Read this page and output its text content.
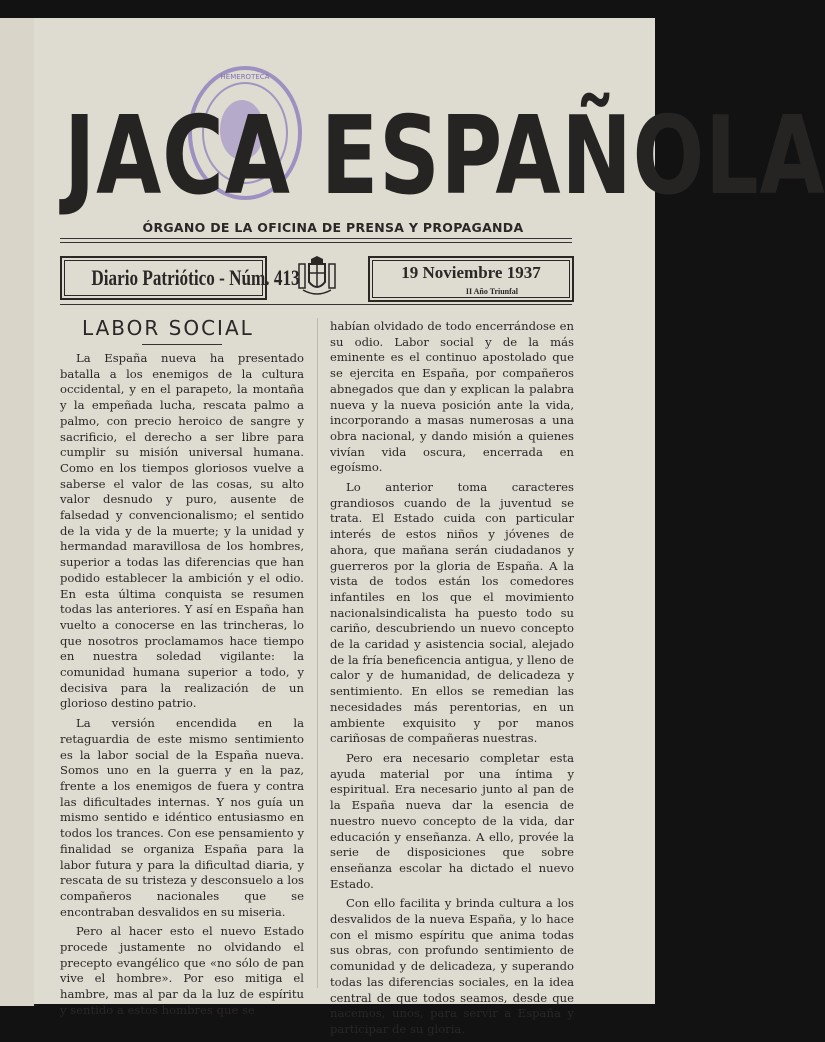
HEMEROTECA
JACA ESPAÑOLA
ÓRGANO DE LA OFICINA DE PRENSA Y PROPAGANDA
Diario Patriótico - Núm. 413	19 Noviembre 1937
II Año Triunfal
LABOR SOCIAL

La España nueva ha presentado batalla a los enemigos de la cultura occidental, y en el parapeto, la montaña y la empeñada lucha, rescata palmo a palmo, con precio heroico de sangre y sacrificio, el derecho a ser libre para cumplir su misión universal humana. Como en los tiempos gloriosos vuelve a saberse el valor de las cosas, su alto valor desnudo y puro, ausente de falsedad y convencionalismo; el sentido de la vida y de la muerte; y la unidad y hermandad maravillosa de los hombres, superior a todas las diferencias que han podido establecer la ambición y el odio. En esta última conquista se resumen todas las anteriores. Y así en España han vuelto a conocerse en las trincheras, lo que nosotros proclamamos hace tiempo en nuestra soledad vigilante: la comunidad humana superior a todo, y decisiva para la realización de un glorioso destino patrio.

La versión encendida en la retaguardia de este mismo sentimiento es la labor social de la España nueva. Somos uno en la guerra y en la paz, frente a los enemigos de fuera y contra las dificultades internas. Y nos guía un mismo sentido e idéntico entusiasmo en todos los trances. Con ese pensamiento y finalidad se organiza España para la labor futura y para la dificultad diaria, y rescata de su tristeza y desconsuelo a los compañeros nacionales que se encontraban desvalidos en su miseria.

Pero al hacer esto el nuevo Estado procede justamente no olvidando el precepto evangélico que «no sólo de pan vive el hombre». Por eso mitiga el hambre, mas al par da la luz de espíritu y sentido a estos hombres que se

habían olvidado de todo encerrándose en su odio. Labor social y de la más eminente es el continuo apostolado que se ejercita en España, por compañeros abnegados que dan y explican la palabra nueva y la nueva posición ante la vida, incorporando a masas numerosas a una obra nacional, y dando misión a quienes vivían vida oscura, encerrada en egoísmo.

Lo anterior toma caracteres grandiosos cuando de la juventud se trata. El Estado cuida con particular interés de estos niños y jóvenes de ahora, que mañana serán ciudadanos y guerreros por la gloria de España. A la vista de todos están los comedores infantiles en los que el movimiento nacionalsindicalista ha puesto todo su cariño, descubriendo un nuevo concepto de la caridad y asistencia social, alejado de la fría beneficencia antigua, y lleno de calor y de humanidad, de delicadeza y sentimiento. En ellos se remedian las necesidades más perentorias, en un ambiente exquisito y por manos cariñosas de compañeras nuestras.

Pero era necesario completar esta ayuda material por una íntima y espiritual. Era necesario junto al pan de la España nueva dar la esencia de nuestro nuevo concepto de la vida, dar educación y enseñanza. A ello, provée la serie de disposiciones que sobre enseñanza escolar ha dictado el nuevo Estado.

Con ello facilita y brinda cultura a los desvalidos de la nueva España, y lo hace con el mismo espíritu que anima todas sus obras, con profundo sentimiento de comunidad y de delicadeza, y superando todas las diferencias sociales, en la idea central de que todos seamos, desde que nacemos, unos, para servir a España y participar de su gloria.
